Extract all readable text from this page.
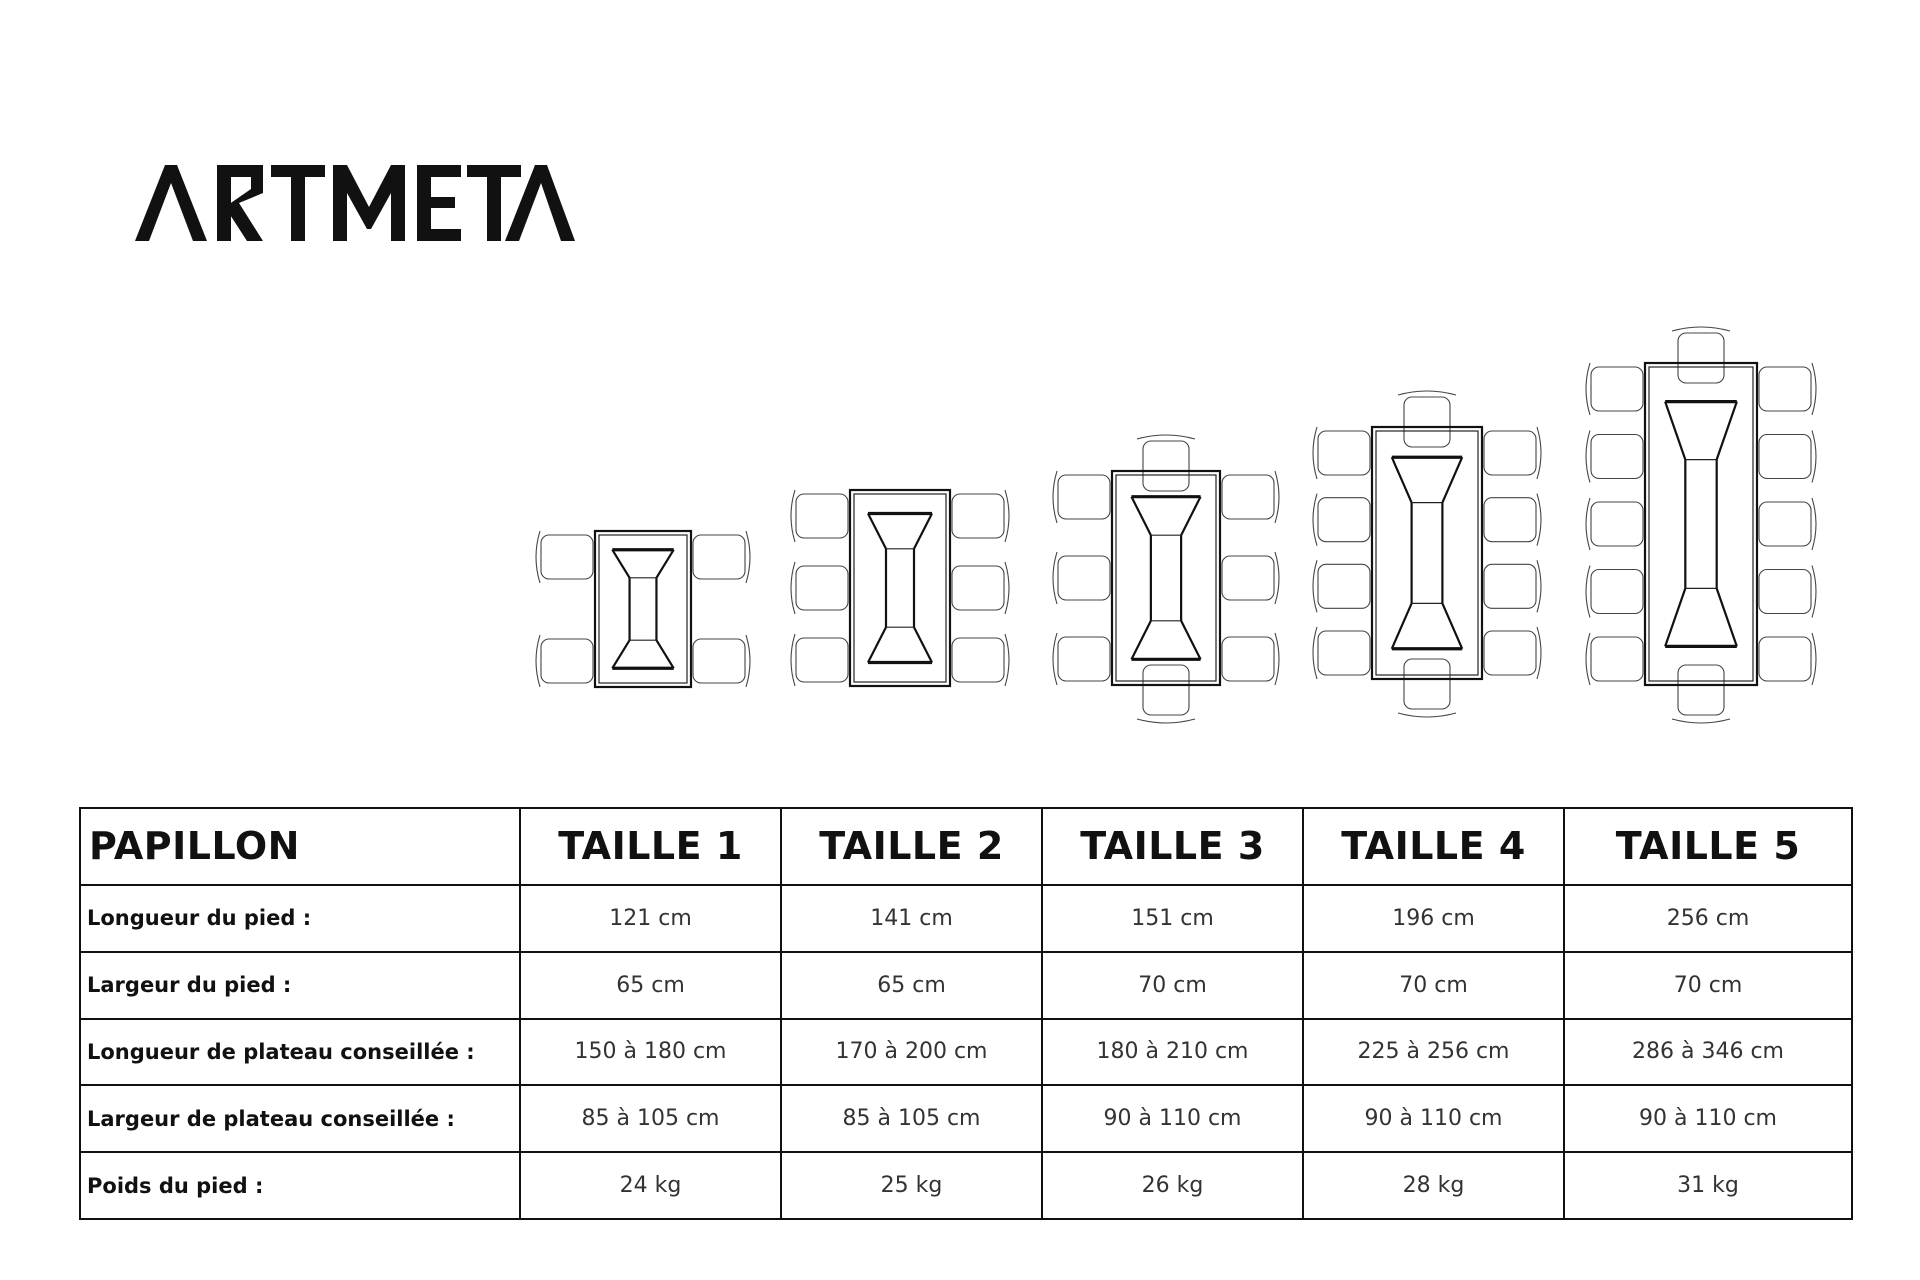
PAPILLON	TAILLE 1	TAILLE 2	TAILLE 3	TAILLE 4	TAILLE 5
Longueur du pied :	121 cm	141 cm	151 cm	196 cm	256 cm
Largeur du pied :	65 cm	65 cm	70 cm	70 cm	70 cm
Longueur de plateau conseillée :	150 à 180 cm	170 à 200 cm	180 à 210 cm	225 à 256 cm	286 à 346 cm
Largeur de plateau conseillée :	85 à 105 cm	85 à 105 cm	90 à 110 cm	90 à 110 cm	90 à 110 cm
Poids du pied :	24 kg	25 kg	26 kg	28 kg	31 kg
